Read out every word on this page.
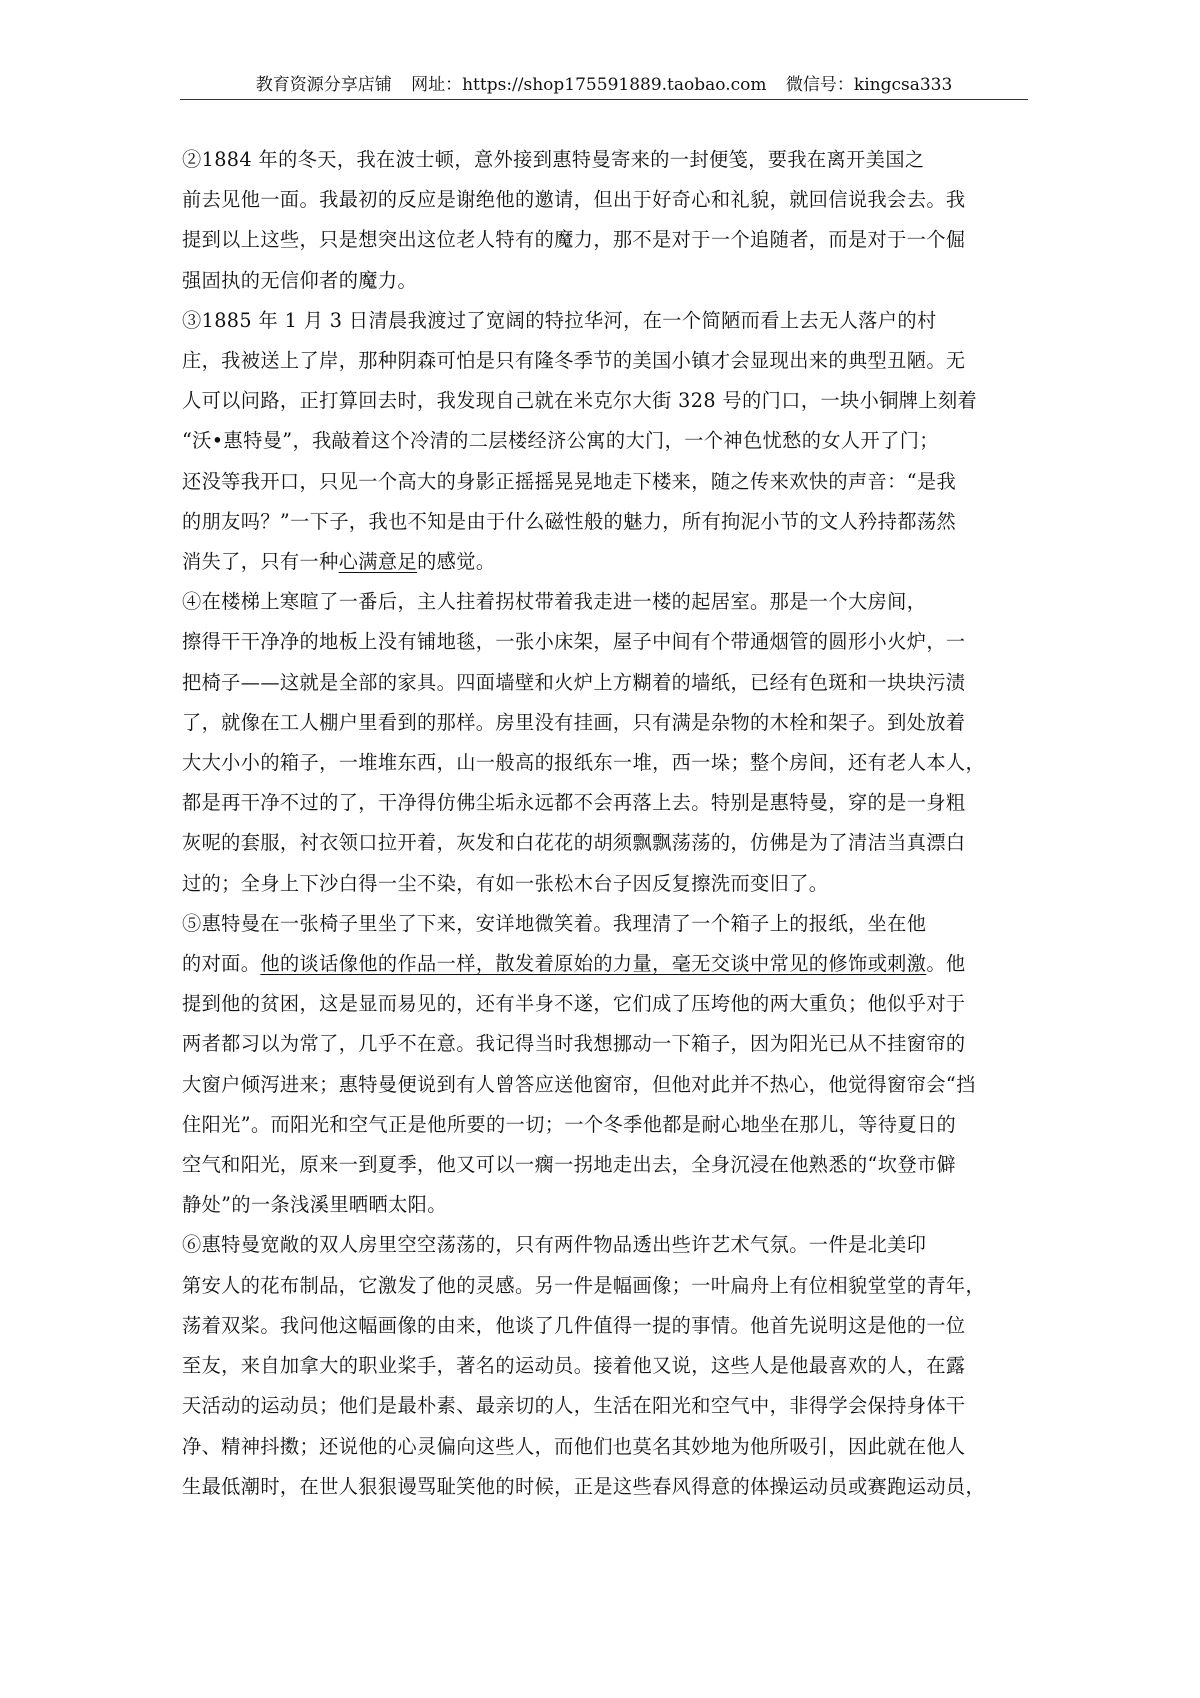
教育资源分享店铺 网址：https://shop175591889.taobao.com 微信号：kingcsa333

②1884 年的冬天，我在波士顿，意外接到惠特曼寄来的一封便笺，要我在离开美国之
前去见他一面。我最初的反应是谢绝他的邀请，但出于好奇心和礼貌，就回信说我会去。我
提到以上这些，只是想突出这位老人特有的魔力，那不是对于一个追随者，而是对于一个倔
强固执的无信仰者的魔力。

③1885 年 1 月 3 日清晨我渡过了宽阔的特拉华河，在一个简陋而看上去无人落户的村
庄，我被送上了岸，那种阴森可怕是只有隆冬季节的美国小镇才会显现出来的典型丑陋。无
人可以问路，正打算回去时，我发现自己就在米克尔大街 328 号的门口，一块小铜牌上刻着
“沃•惠特曼”，我敲着这个冷清的二层楼经济公寓的大门，一个神色忧愁的女人开了门；
还没等我开口，只见一个高大的身影正摇摇晃晃地走下楼来，随之传来欢快的声音：“是我
的朋友吗？”一下子，我也不知是由于什么磁性般的魅力，所有拘泥小节的文人矜持都荡然
消失了，只有一种心满意足的感觉。

④在楼梯上寒暄了一番后，主人拄着拐杖带着我走进一楼的起居室。那是一个大房间，
擦得干干净净的地板上没有铺地毯，一张小床架，屋子中间有个带通烟管的圆形小火炉，一
把椅子——这就是全部的家具。四面墙壁和火炉上方糊着的墙纸，已经有色斑和一块块污渍
了，就像在工人棚户里看到的那样。房里没有挂画，只有满是杂物的木栓和架子。到处放着
大大小小的箱子，一堆堆东西，山一般高的报纸东一堆，西一垛；整个房间，还有老人本人，
都是再干净不过的了，干净得仿佛尘垢永远都不会再落上去。特别是惠特曼，穿的是一身粗
灰呢的套服，衬衣领口拉开着，灰发和白花花的胡须飘飘荡荡的，仿佛是为了清洁当真漂白
过的；全身上下沙白得一尘不染，有如一张松木台子因反复擦洗而变旧了。

⑤惠特曼在一张椅子里坐了下来，安详地微笑着。我理清了一个箱子上的报纸，坐在他
的对面。他的谈话像他的作品一样，散发着原始的力量，毫无交谈中常见的修饰或刺激。他
提到他的贫困，这是显而易见的，还有半身不遂，它们成了压垮他的两大重负；他似乎对于
两者都习以为常了，几乎不在意。我记得当时我想挪动一下箱子，因为阳光已从不挂窗帘的
大窗户倾泻进来；惠特曼便说到有人曾答应送他窗帘，但他对此并不热心，他觉得窗帘会“挡
住阳光”。而阳光和空气正是他所要的一切；一个冬季他都是耐心地坐在那儿，等待夏日的
空气和阳光，原来一到夏季，他又可以一瘸一拐地走出去，全身沉浸在他熟悉的“坎登市僻
静处”的一条浅溪里晒晒太阳。

⑥惠特曼宽敞的双人房里空空荡荡的，只有两件物品透出些许艺术气氛。一件是北美印
第安人的花布制品，它激发了他的灵感。另一件是幅画像；一叶扁舟上有位相貌堂堂的青年，
荡着双桨。我问他这幅画像的由来，他谈了几件值得一提的事情。他首先说明这是他的一位
至友，来自加拿大的职业桨手，著名的运动员。接着他又说，这些人是他最喜欢的人，在露
天活动的运动员；他们是最朴素、最亲切的人，生活在阳光和空气中，非得学会保持身体干
净、精神抖擞；还说他的心灵偏向这些人，而他们也莫名其妙地为他所吸引，因此就在他人
生最低潮时，在世人狠狠谩骂耻笑他的时候，正是这些春风得意的体操运动员或赛跑运动员，
